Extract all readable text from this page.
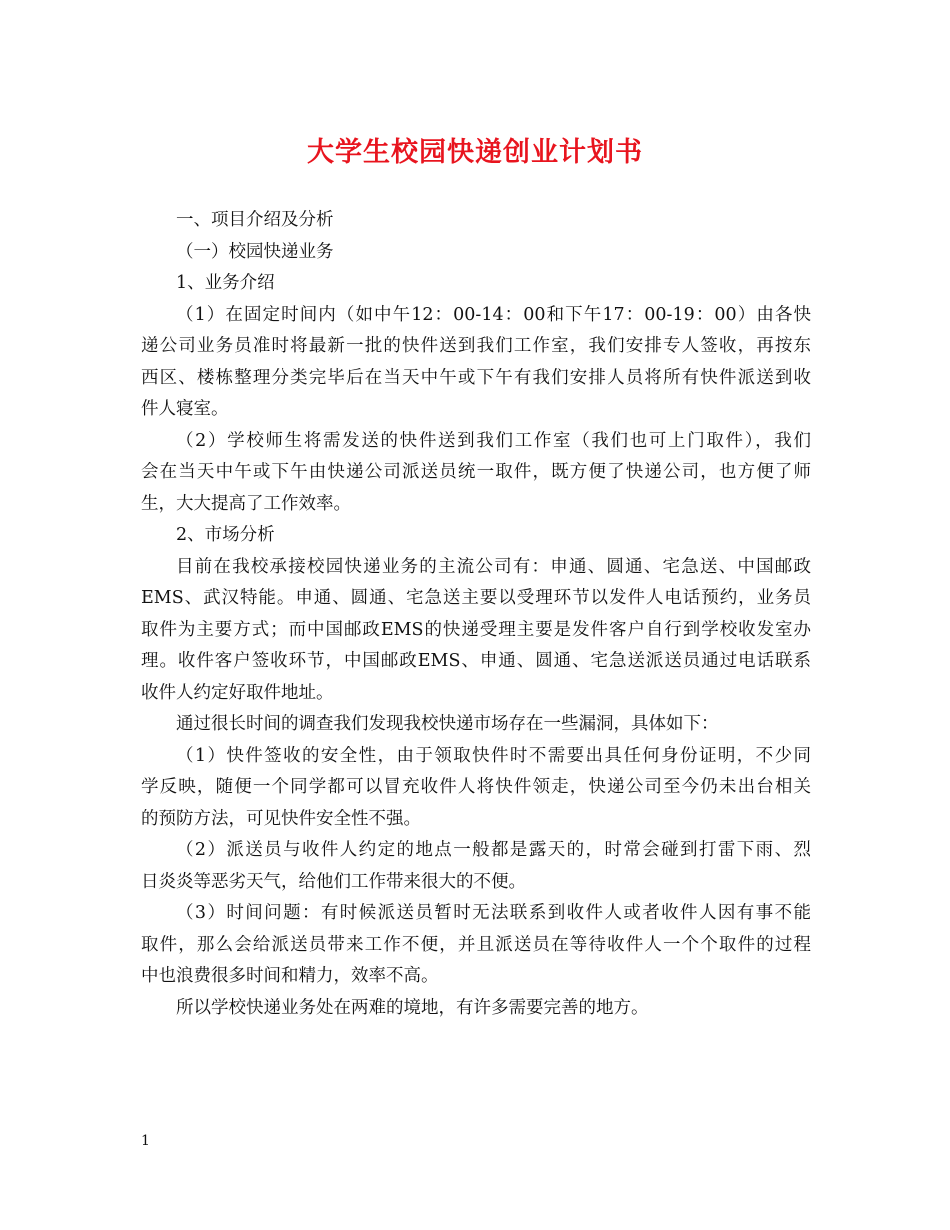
大学生校园快递创业计划书

一、项目介绍及分析

（一）校园快递业务

1、业务介绍

（1）在固定时间内（如中午12：00-14：00和下午17：00-19：00）由各快

递公司业务员准时将最新一批的快件送到我们工作室，我们安排专人签收，再按东

西区、楼栋整理分类完毕后在当天中午或下午有我们安排人员将所有快件派送到收

件人寝室。

（2）学校师生将需发送的快件送到我们工作室（我们也可上门取件），我们

会在当天中午或下午由快递公司派送员统一取件，既方便了快递公司，也方便了师

生，大大提高了工作效率。

2、市场分析

目前在我校承接校园快递业务的主流公司有：申通、圆通、宅急送、中国邮政

EMS、武汉特能。申通、圆通、宅急送主要以受理环节以发件人电话预约，业务员

取件为主要方式；而中国邮政EMS的快递受理主要是发件客户自行到学校收发室办

理。收件客户签收环节，中国邮政EMS、申通、圆通、宅急送派送员通过电话联系

收件人约定好取件地址。

通过很长时间的调查我们发现我校快递市场存在一些漏洞，具体如下：

（1）快件签收的安全性，由于领取快件时不需要出具任何身份证明，不少同

学反映，随便一个同学都可以冒充收件人将快件领走，快递公司至今仍未出台相关

的预防方法，可见快件安全性不强。

（2）派送员与收件人约定的地点一般都是露天的，时常会碰到打雷下雨、烈

日炎炎等恶劣天气，给他们工作带来很大的不便。

（3）时间问题：有时候派送员暂时无法联系到收件人或者收件人因有事不能

取件，那么会给派送员带来工作不便，并且派送员在等待收件人一个个取件的过程

中也浪费很多时间和精力，效率不高。

所以学校快递业务处在两难的境地，有许多需要完善的地方。

1
